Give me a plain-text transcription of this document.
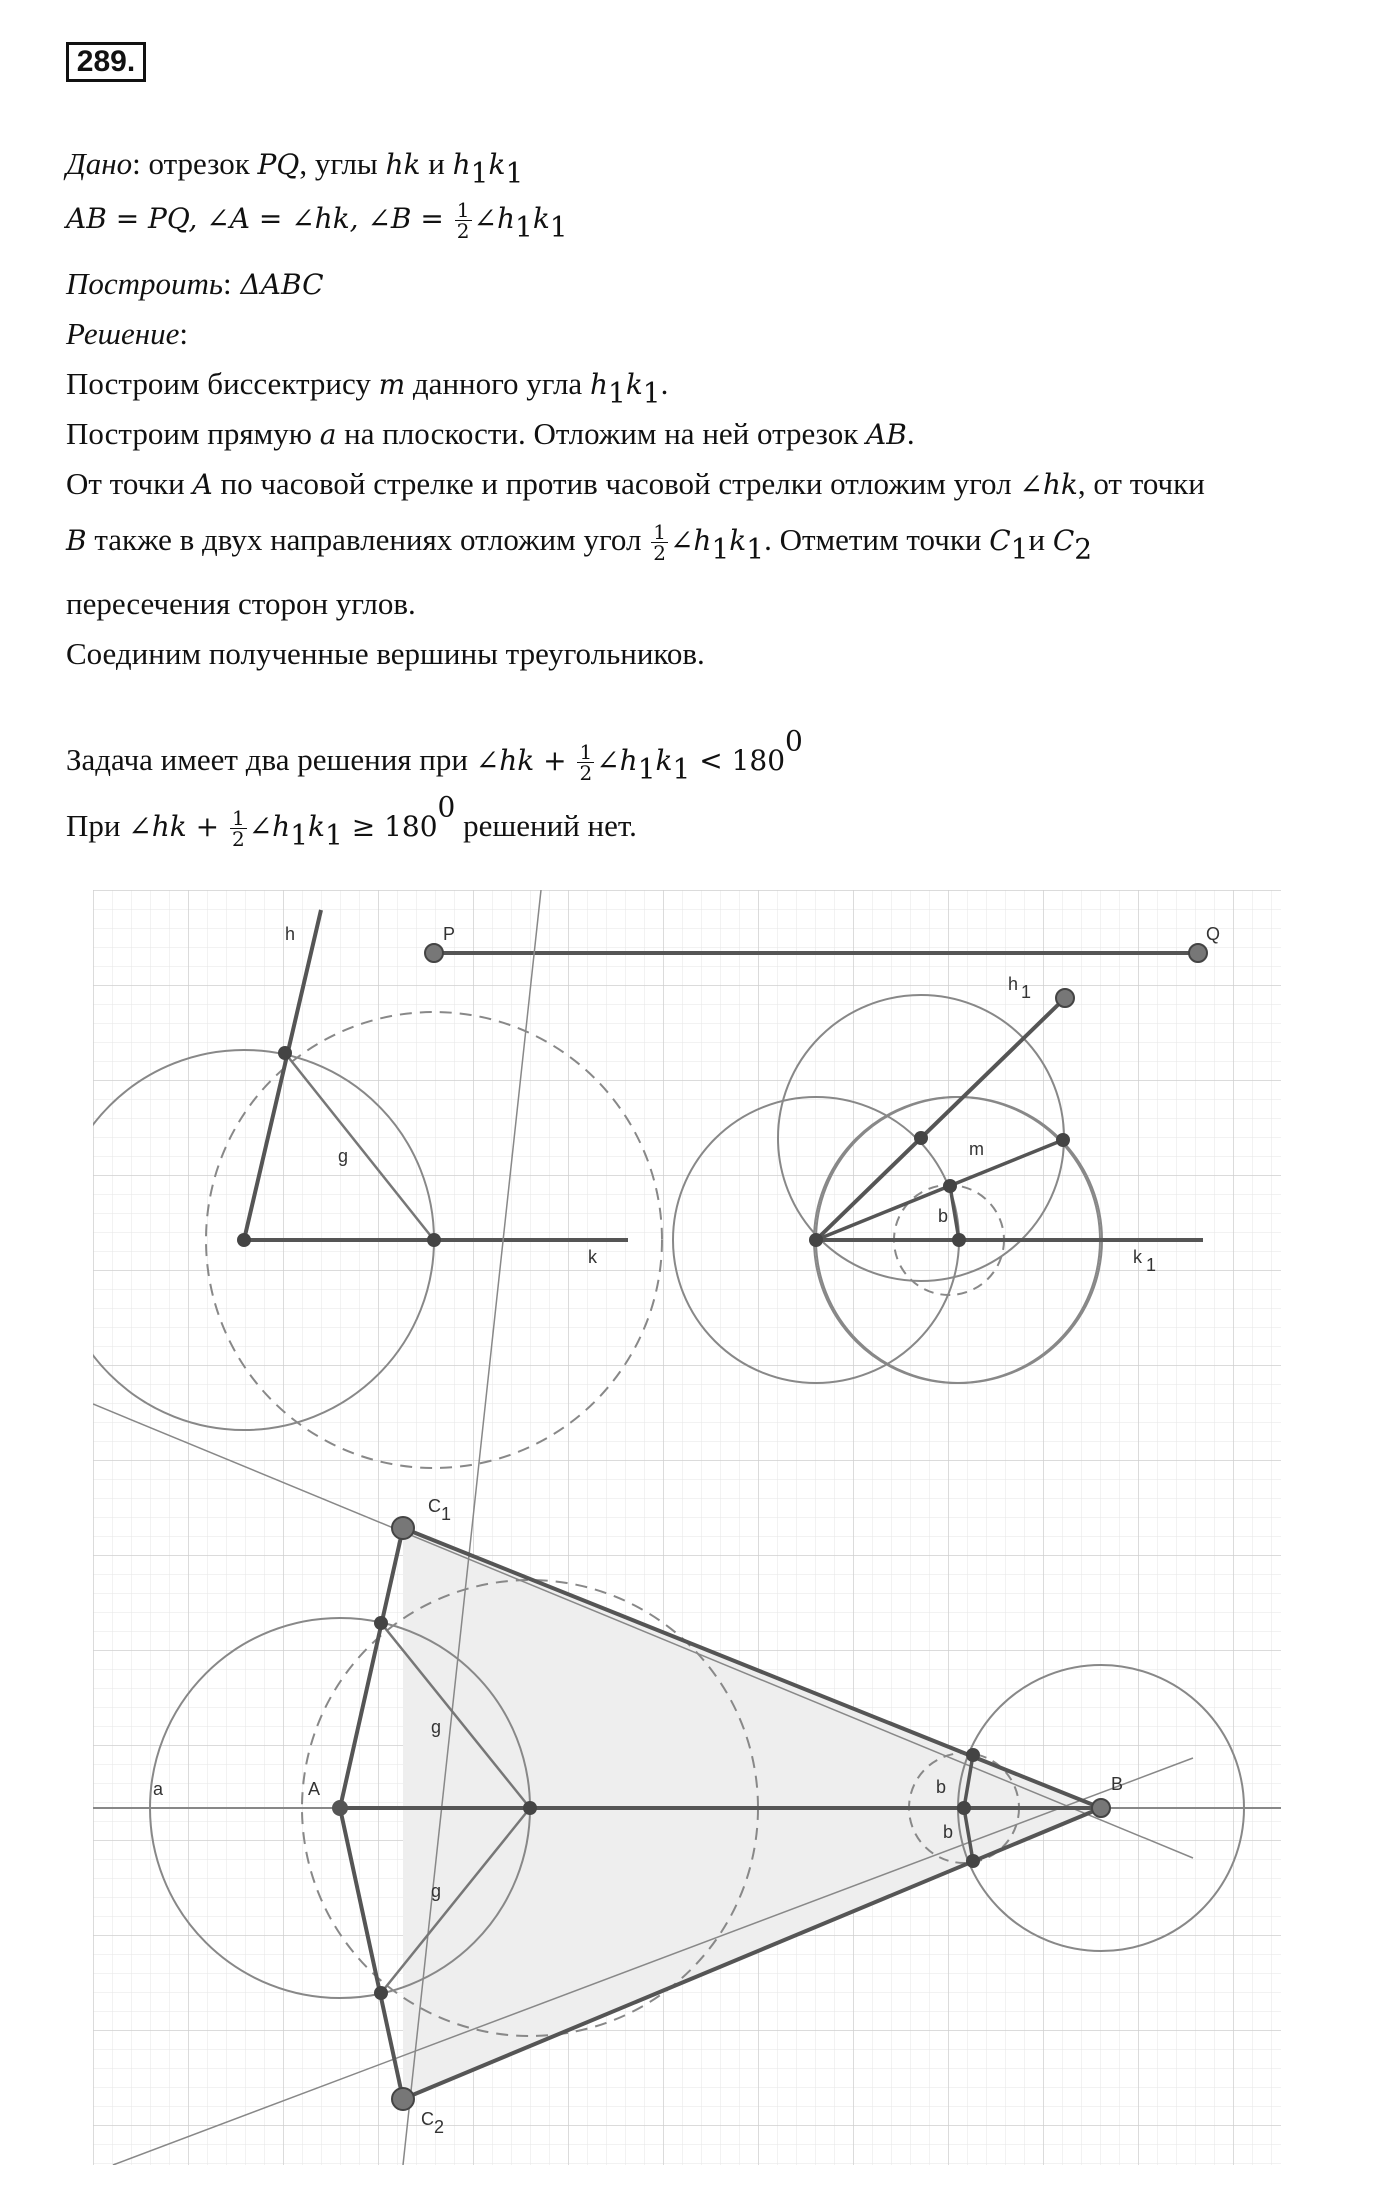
289.
Дано: отрезок PQ, углы hk и $h_1k_1$
AB = PQ, ∠A = ∠hk, ∠B = $\frac{1}{2}$ $\angle h_1k_1$
Построить: ΔABC
Решение:
Построим биссектрису m данного угла $h_1k_1$.
Построим прямую a на плоскости. Отложим на ней отрезок AB.
От точки A по часовой стрелке и против часовой стрелки отложим угол ∠hk, от точки
B также в двух направлениях отложим угол $\frac{1}{2}$ $\angle h_1k_1$. Отметим точки $C_1и$ $C_2$
пересечения сторон углов.
Соединим полученные вершины треугольников.
Задача имеет два решения при ∠hk + $\frac{1}{2}$ $\angle h_1k_1 < 180^0$
При ∠hk + $\frac{1}{2}$ $\angle h_1k_1 \ge 180^0$ решений нет.
P	Q
h
k
g
h 1
k 1
m
b
A	B
a
C 1
C 2
g
g
b
b
